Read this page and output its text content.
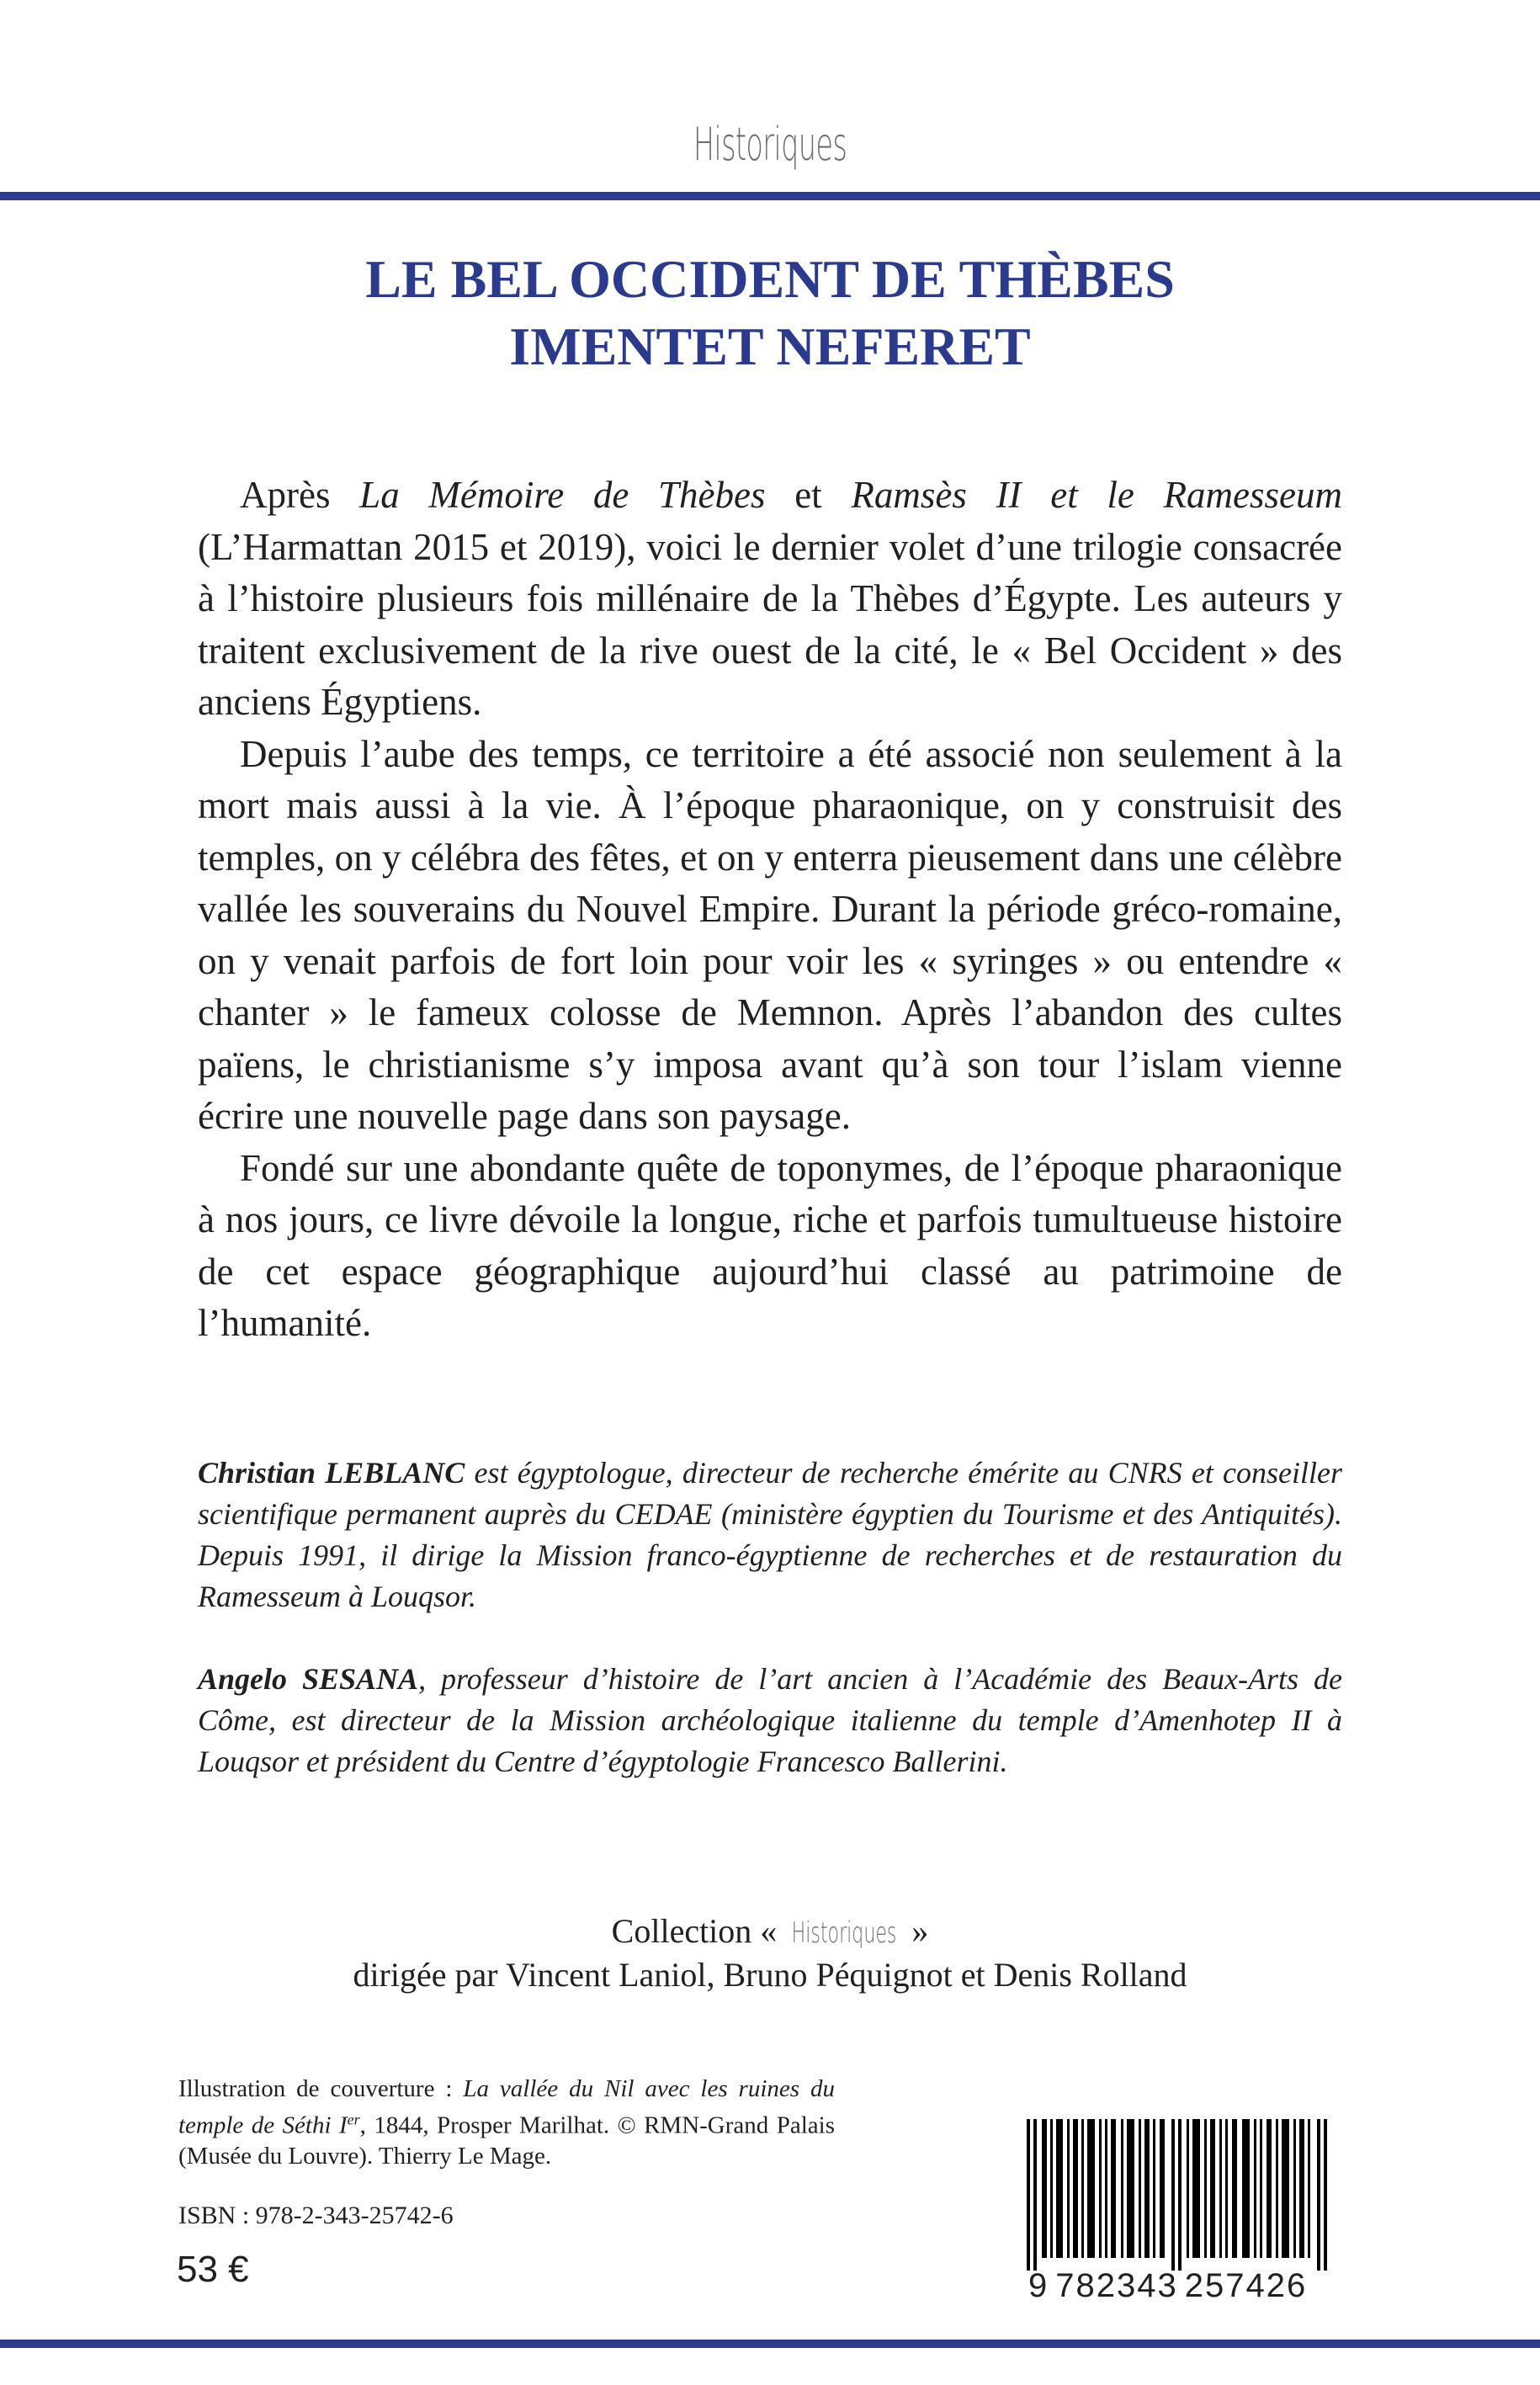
Historiques
LE BEL OCCIDENT DE THÈBES
IMENTET NEFERET

Après La Mémoire de Thèbes et Ramsès II et le Ramesseum (L’Harmattan 2015 et 2019), voici le dernier volet d’une trilogie consacrée à l’histoire plusieurs fois millénaire de la Thèbes d’Égypte. Les auteurs y traitent exclusivement de la rive ouest de la cité, le « Bel Occident » des anciens Égyptiens.

Depuis l’aube des temps, ce territoire a été associé non seulement à la mort mais aussi à la vie. À l’époque pharaonique, on y construisit des temples, on y célébra des fêtes, et on y enterra pieusement dans une célèbre vallée les souverains du Nouvel Empire. Durant la période gréco-romaine, on y venait parfois de fort loin pour voir les « syringes » ou entendre « chanter » le fameux colosse de Memnon. Après l’abandon des cultes païens, le christianisme s’y imposa avant qu’à son tour l’islam vienne écrire une nouvelle page dans son paysage.

Fondé sur une abondante quête de toponymes, de l’époque pharaonique à nos jours, ce livre dévoile la longue, riche et parfois tumultueuse histoire de cet espace géographique aujourd’hui classé au patrimoine de l’humanité.

Christian LEBLANC est égyptologue, directeur de recherche émérite au CNRS et conseiller scientifique permanent auprès du CEDAE (ministère égyptien du Tourisme et des Antiquités). Depuis 1991, il dirige la Mission franco-égyptienne de recherches et de restauration du Ramesseum à Louqsor.

Angelo SESANA, professeur d’histoire de l’art ancien à l’Académie des Beaux-Arts de Côme, est directeur de la Mission archéologique italienne du temple d’Amenhotep II à Louqsor et président du Centre d’égyptologie Francesco Ballerini.

Collection « Historiques »
dirigée par Vincent Laniol, Bruno Péquignot et Denis Rolland
Illustration de couverture : La vallée du Nil avec les ruines du temple de Séthi Ier, 1844, Prosper Marilhat. © RMN-Grand Palais (Musée du Louvre). Thierry Le Mage.
ISBN : 978-2-343-25742-6
53 €	9 782343 257426
